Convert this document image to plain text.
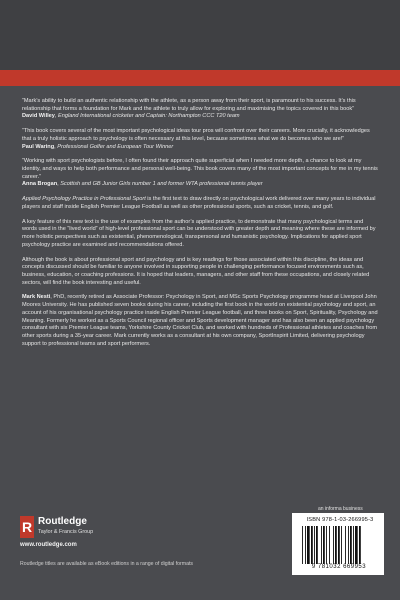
“Mark’s ability to build an authentic relationship with the athlete, as a person away from their sport, is paramount to his success. It’s this relationship that forms a foundation for Mark and the athlete to truly allow for exploring and maximising the topics covered in this book”
David Willey, England International cricketer and Captain: Northampton CCC T20 team

“This book covers several of the most important psychological ideas tour pros will confront over their careers. More crucially, it acknowledges that a truly holistic approach to psychology is often necessary at this level, because sometimes what we do becomes who we are!”
Paul Waring, Professional Golfer and European Tour Winner

“Working with sport psychologists before, I often found their approach quite superficial when I needed more depth, a chance to look at my identity, and ways to help both performance and personal well-being. This book covers many of the most important concepts for me in my tennis career.”
Anna Brogan, Scottish and GB Junior Girls number 1 and former WTA professional tennis player

Applied Psychology Practice in Professional Sport is the first text to draw directly on psychological work delivered over many years to individual players and staff inside English Premier League Football as well as other professional sports, such as cricket, tennis, and golf.

A key feature of this new text is the use of examples from the author’s applied practice, to demonstrate that many psychological terms and words used in the “lived world” of high-level professional sport can be understood with greater depth and meaning where these are informed by more holistic perspectives such as existential, phenomenological, transpersonal and humanistic psychology. Implications for applied sport psychology practice are examined and recommendations offered.

Although the book is about professional sport and psychology and is key readings for those associated within this discipline, the ideas and concepts discussed should be familiar to anyone involved in supporting people in challenging performance focused environments such as, business, education, or coaching professions. It is hoped that leaders, managers, and other staff from these occupations, and closely related sectors, will find the book interesting and useful.

Mark Nesti, PhD, recently retired as Associate Professor: Psychology in Sport, and MSc Sports Psychology programme head at Liverpool John Moores University. He has published seven books during his career, including the first book in the world on existential psychology and sport, an account of his organisational psychology practice inside English Premier League football, and three books on Sport, Spirituality, Psychology and Meaning. Formerly he worked as a Sports Council regional officer and Sports development manager and has also been an applied psychology consultant with six Premier League teams, Yorkshire County Cricket Club, and worked with hundreds of Professional athletes and coaches from other sports during a 35-year career. Mark currently works as a consultant at his own company, SportInspirit Limited, delivering psychology support to professional teams and sport performers.

R Routledge
Taylor & Francis Group
www.routledge.com
Routledge titles are available as eBook editions in a range of digital formats
an informa business
ISBN 978-1-03-266995-3
9 781032 669953
